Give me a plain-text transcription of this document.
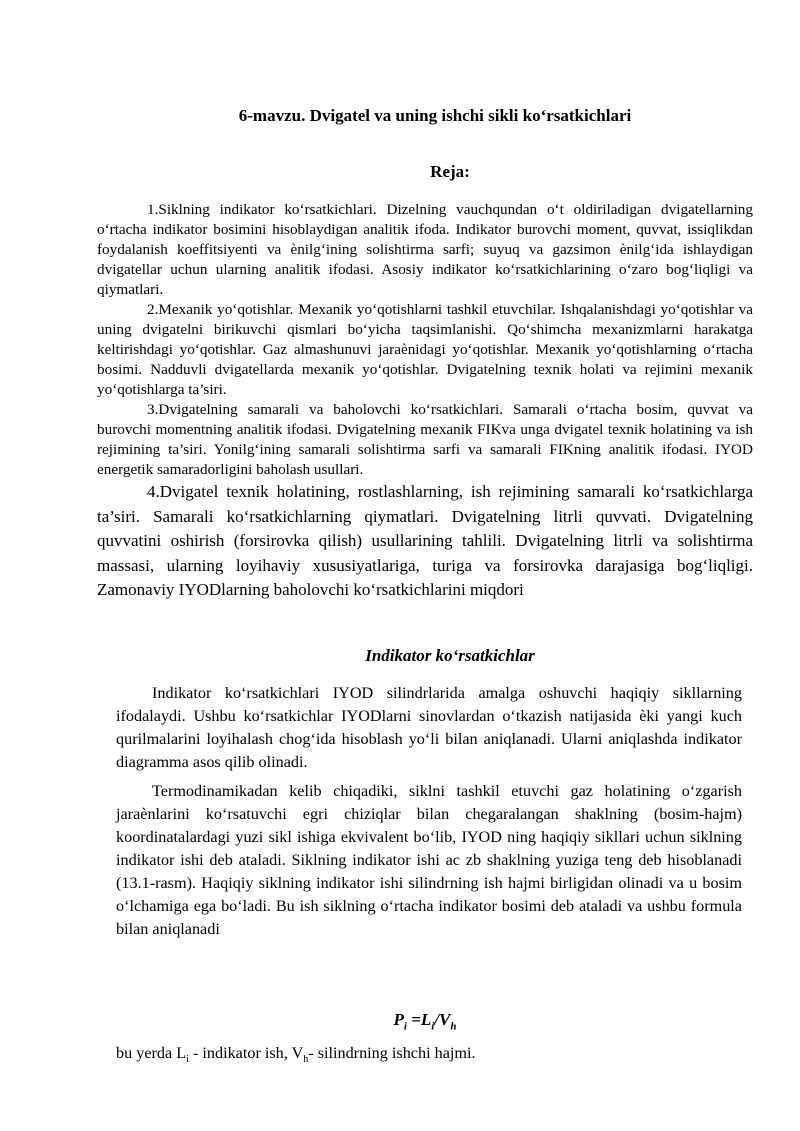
6-mavzu. Dvigatel va uning ishchi sikli ko‘rsatkichlari
Reja:

1.Siklning indikator ko‘rsatkichlari. Dizelning vauchqundan o‘t oldiriladigan dvigatellarning o‘rtacha indikator bosimini hisoblaydigan analitik ifoda. Indikator burovchi moment, quvvat, issiqlikdan foydalanish koeffitsiyenti va ènilg‘ining solishtirma sarfi; suyuq va gazsimon ènilg‘ida ishlaydigan dvigatellar uchun ularning analitik ifodasi. Asosiy indikator ko‘rsatkichlarining o‘zaro bog‘liqligi va qiymatlari.

2.Mexanik yo‘qotishlar. Mexanik yo‘qotishlarni tashkil etuvchilar. Ishqalanishdagi yo‘qotishlar va uning dvigatelni birikuvchi qismlari bo‘yicha taqsimlanishi. Qo‘shimcha mexanizmlarni harakatga keltirishdagi yo‘qotishlar. Gaz almashunuvi jaraènidagi yo‘qotishlar. Mexanik yo‘qotishlarning o‘rtacha bosimi. Nadduvli dvigatellarda mexanik yo‘qotishlar. Dvigatelning texnik holati va rejimini mexanik yo‘qotishlarga ta’siri.

3.Dvigatelning samarali va baholovchi ko‘rsatkichlari. Samarali o‘rtacha bosim, quvvat va burovchi momentning analitik ifodasi. Dvigatelning mexanik FIKva unga dvigatel texnik holatining va ish rejimining ta’siri. Yonilg‘ining samarali solishtirma sarfi va samarali FIKning analitik ifodasi. IYOD energetik samaradorligini baholash usullari.

4.Dvigatel texnik holatining, rostlashlarning, ish rejimining samarali ko‘rsatkichlarga ta’siri. Samarali ko‘rsatkichlarning qiymatlari. Dvigatelning litrli quvvati. Dvigatelning quvvatini oshirish (forsirovka qilish) usullarining tahlili. Dvigatelning litrli va solishtirma massasi, ularning loyihaviy xususiyatlariga, turiga va forsirovka darajasiga bog‘liqligi. Zamonaviy IYODlarning baholovchi ko‘rsatkichlarini miqdori

Indikator ko‘rsatkichlar

Indikator ko‘rsatkichlari IYOD silindrlarida amalga oshuvchi haqiqiy sikllarning ifodalaydi. Ushbu ko‘rsatkichlar IYODlarni sinovlardan o‘tkazish natijasida èki yangi kuch qurilmalarini loyihalash chog‘ida hisoblash yo‘li bilan aniqlanadi. Ularni aniqlashda indikator diagramma asos qilib olinadi.

Termodinamikadan kelib chiqadiki, siklni tashkil etuvchi gaz holatining o‘zgarish jaraènlarini ko‘rsatuvchi egri chiziqlar bilan chegaralangan shaklning (bosim-hajm) koordinatalardagi yuzi sikl ishiga ekvivalent bo‘lib, IYOD ning haqiqiy sikllari uchun siklning indikator ishi deb ataladi. Siklning indikator ishi ac zb shaklning yuziga teng deb hisoblanadi (13.1-rasm). Haqiqiy siklning indikator ishi silindrning ish hajmi birligidan olinadi va u bosim o‘lchamiga ega bo‘ladi. Bu ish siklning o‘rtacha indikator bosimi deb ataladi va ushbu formula bilan aniqlanadi

$P_i =L_i/V_h$

bu yerda $L_i$ - indikator ish, $V_h-$ silindrning ishchi hajmi.
